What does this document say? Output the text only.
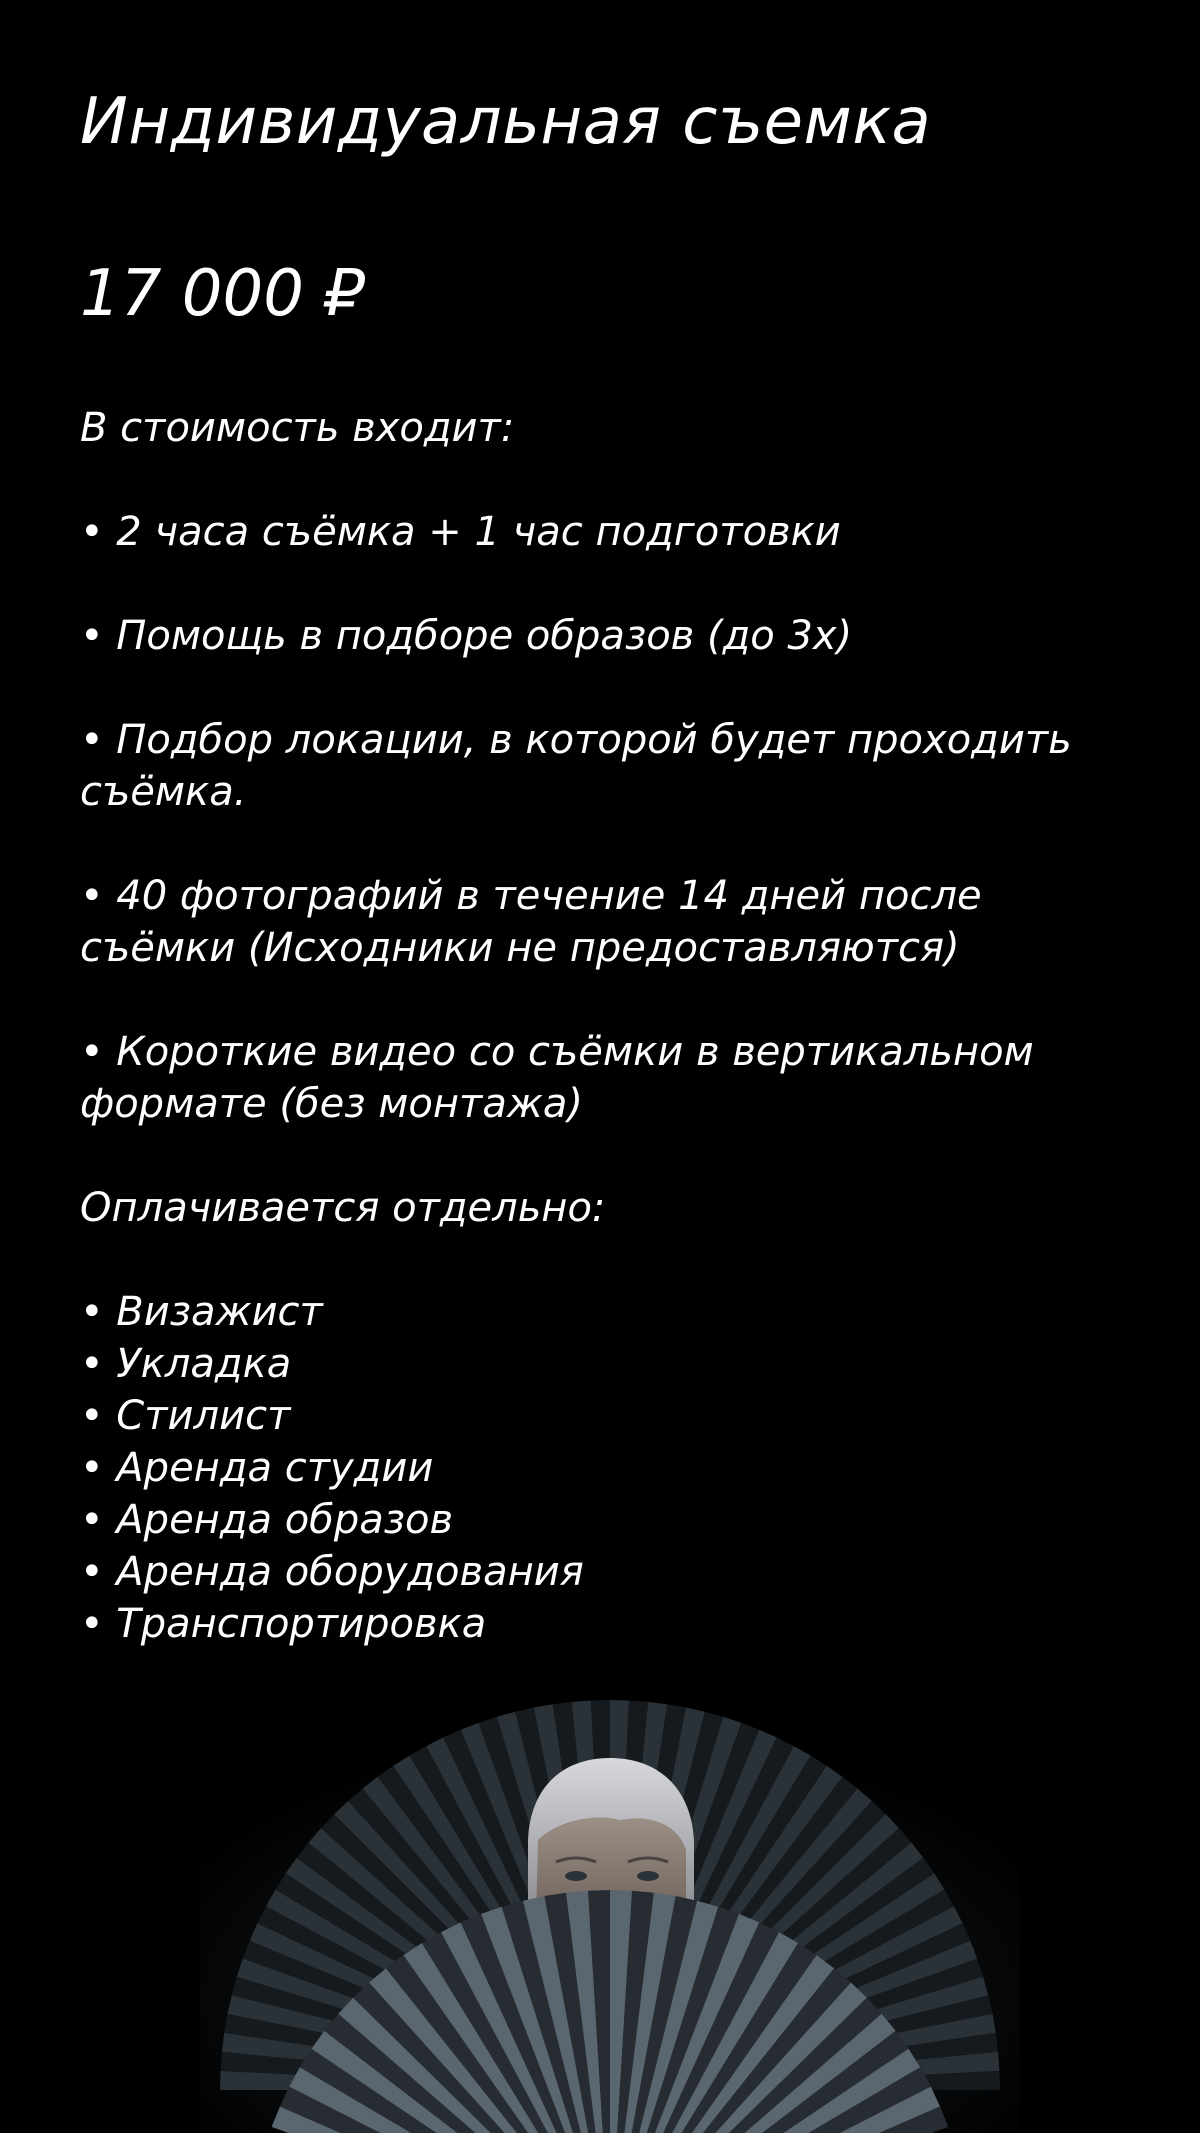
Индивидуальная съемка
17 000 ₽

В стоимость входит:

• 2 часа съёмка + 1 час подготовки
• Помощь в подборе образов (до 3х)
• Подбор локации, в которой будет проходить съёмка.
• 40 фотографий в течение 14 дней после съёмки (Исходники не предоставляются)
• Короткие видео со съёмки в вертикальном формате (без монтажа)

Оплачивается отдельно:

• Визажист
• Укладка
• Стилист
• Аренда студии
• Аренда образов
• Аренда оборудования
• Транспортировка
